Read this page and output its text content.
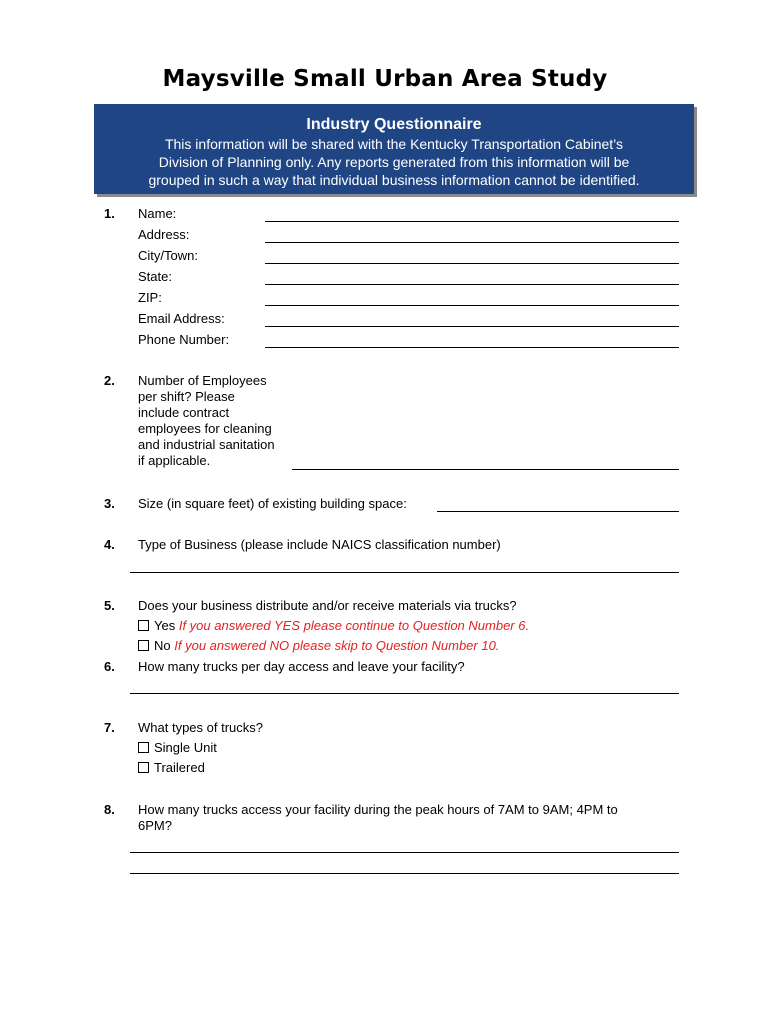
Maysville Small Urban Area Study
Industry Questionnaire
This information will be shared with the Kentucky Transportation Cabinet’s
Division of Planning only. Any reports generated from this information will be
grouped in such a way that individual business information cannot be identified.
1. Name:
Address:
City/Town:
State:
ZIP:
Email Address:
Phone Number:
2. Number of Employees
per shift? Please
include contract
employees for cleaning
and industrial sanitation
if applicable.
3. Size (in square feet) of existing building space:
4. Type of Business (please include NAICS classification number)
5. Does your business distribute and/or receive materials via trucks?
Yes If you answered YES please continue to Question Number 6.
No If you answered NO please skip to Question Number 10.
6. How many trucks per day access and leave your facility?
7. What types of trucks?
Single Unit
Trailered
8. How many trucks access your facility during the peak hours of 7AM to 9AM; 4PM to
6PM?
